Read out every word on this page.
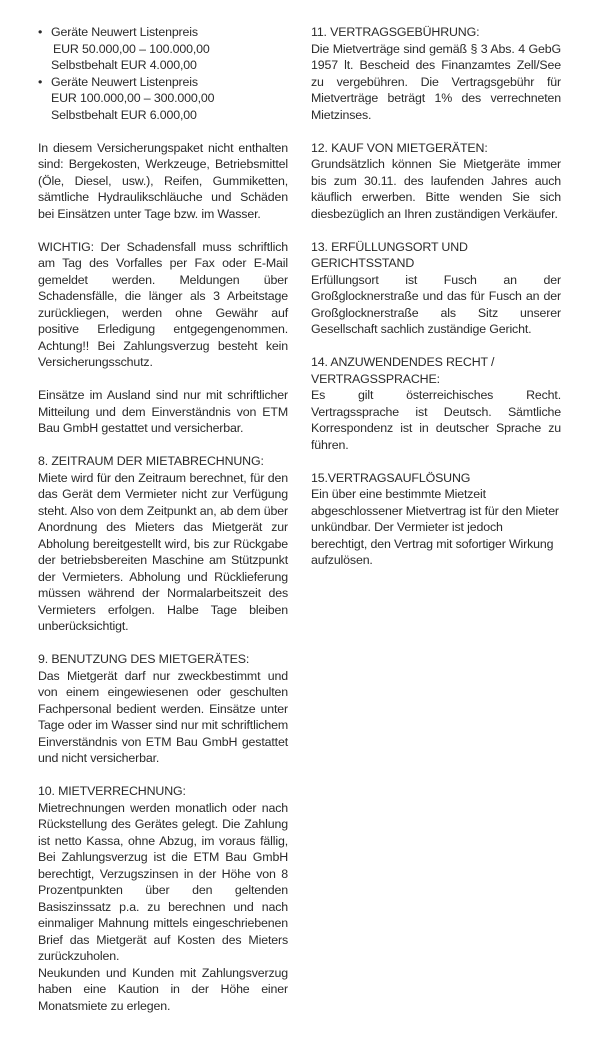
• Geräte Neuwert Listenpreis

EUR 50.000,00 – 100.000,00

Selbstbehalt EUR 4.000,00

• Geräte Neuwert Listenpreis

EUR 100.000,00 – 300.000,00

Selbstbehalt EUR 6.000,00

In diesem Versicherungspaket nicht enthalten sind: Bergekosten, Werkzeuge, Betriebsmittel (Öle, Diesel, usw.), Reifen, Gummiketten, sämtliche Hydraulikschläuche und Schäden bei Einsätzen unter Tage bzw. im Wasser.

WICHTIG: Der Schadensfall muss schriftlich am Tag des Vorfalles per Fax oder E-Mail gemeldet werden. Meldungen über Schadensfälle, die länger als 3 Arbeitstage zurückliegen, werden ohne Gewähr auf positive Erledigung entgegengenommen. Achtung!! Bei Zahlungsverzug besteht kein Versicherungsschutz.

Einsätze im Ausland sind nur mit schriftlicher Mitteilung und dem Einverständnis von ETM Bau GmbH gestattet und versicherbar.

8. ZEITRAUM DER MIETABRECHNUNG:

Miete wird für den Zeitraum berechnet, für den das Gerät dem Vermieter nicht zur Verfügung steht. Also von dem Zeitpunkt an, ab dem über Anordnung des Mieters das Mietgerät zur Abholung bereitgestellt wird, bis zur Rückgabe der betriebsbereiten Maschine am Stützpunkt der Vermieters. Abholung und Rücklieferung müssen während der Normalarbeitszeit des Vermieters erfolgen. Halbe Tage bleiben unberücksichtigt.

9. BENUTZUNG DES MIETGERÄTES:

Das Mietgerät darf nur zweckbestimmt und von einem eingewiesenen oder geschulten Fachpersonal bedient werden. Einsätze unter Tage oder im Wasser sind nur mit schriftlichem Einverständnis von ETM Bau GmbH gestattet und nicht versicherbar.

10. MIETVERRECHNUNG:

Mietrechnungen werden monatlich oder nach Rückstellung des Gerätes gelegt. Die Zahlung ist netto Kassa, ohne Abzug, im voraus fällig, Bei Zahlungsverzug ist die ETM Bau GmbH berechtigt, Verzugszinsen in der Höhe von 8 Prozentpunkten über den geltenden Basiszinssatz p.a. zu berechnen und nach einmaliger Mahnung mittels eingeschriebenen Brief das Mietgerät auf Kosten des Mieters zurückzuholen.

Neukunden und Kunden mit Zahlungsverzug haben eine Kaution in der Höhe einer Monatsmiete zu erlegen.

11. VERTRAGSGEBÜHRUNG:

Die Mietverträge sind gemäß § 3 Abs. 4 GebG 1957 lt. Bescheid des Finanzamtes Zell/See zu vergebühren. Die Vertragsgebühr für Mietverträge beträgt 1% des verrechneten Mietzinses.

12. KAUF VON MIETGERÄTEN:

Grundsätzlich können Sie Mietgeräte immer bis zum 30.11. des laufenden Jahres auch käuflich erwerben. Bitte wenden Sie sich diesbezüglich an Ihren zuständigen Verkäufer.

13. ERFÜLLUNGSORT UND GERICHTSSTAND

Erfüllungsort ist Fusch an der Großglocknerstraße und das für Fusch an der Großglocknerstraße als Sitz unserer Gesellschaft sachlich zuständige Gericht.

14. ANZUWENDENDES RECHT / VERTRAGSSPRACHE:

Es gilt österreichisches Recht. Vertragssprache ist Deutsch. Sämtliche Korrespondenz ist in deutscher Sprache zu führen.

15.VERTRAGSAUFLÖSUNG

Ein über eine bestimmte Mietzeit abgeschlossener Mietvertrag ist für den Mieter unkündbar. Der Vermieter ist jedoch berechtigt, den Vertrag mit sofortiger Wirkung aufzulösen.
